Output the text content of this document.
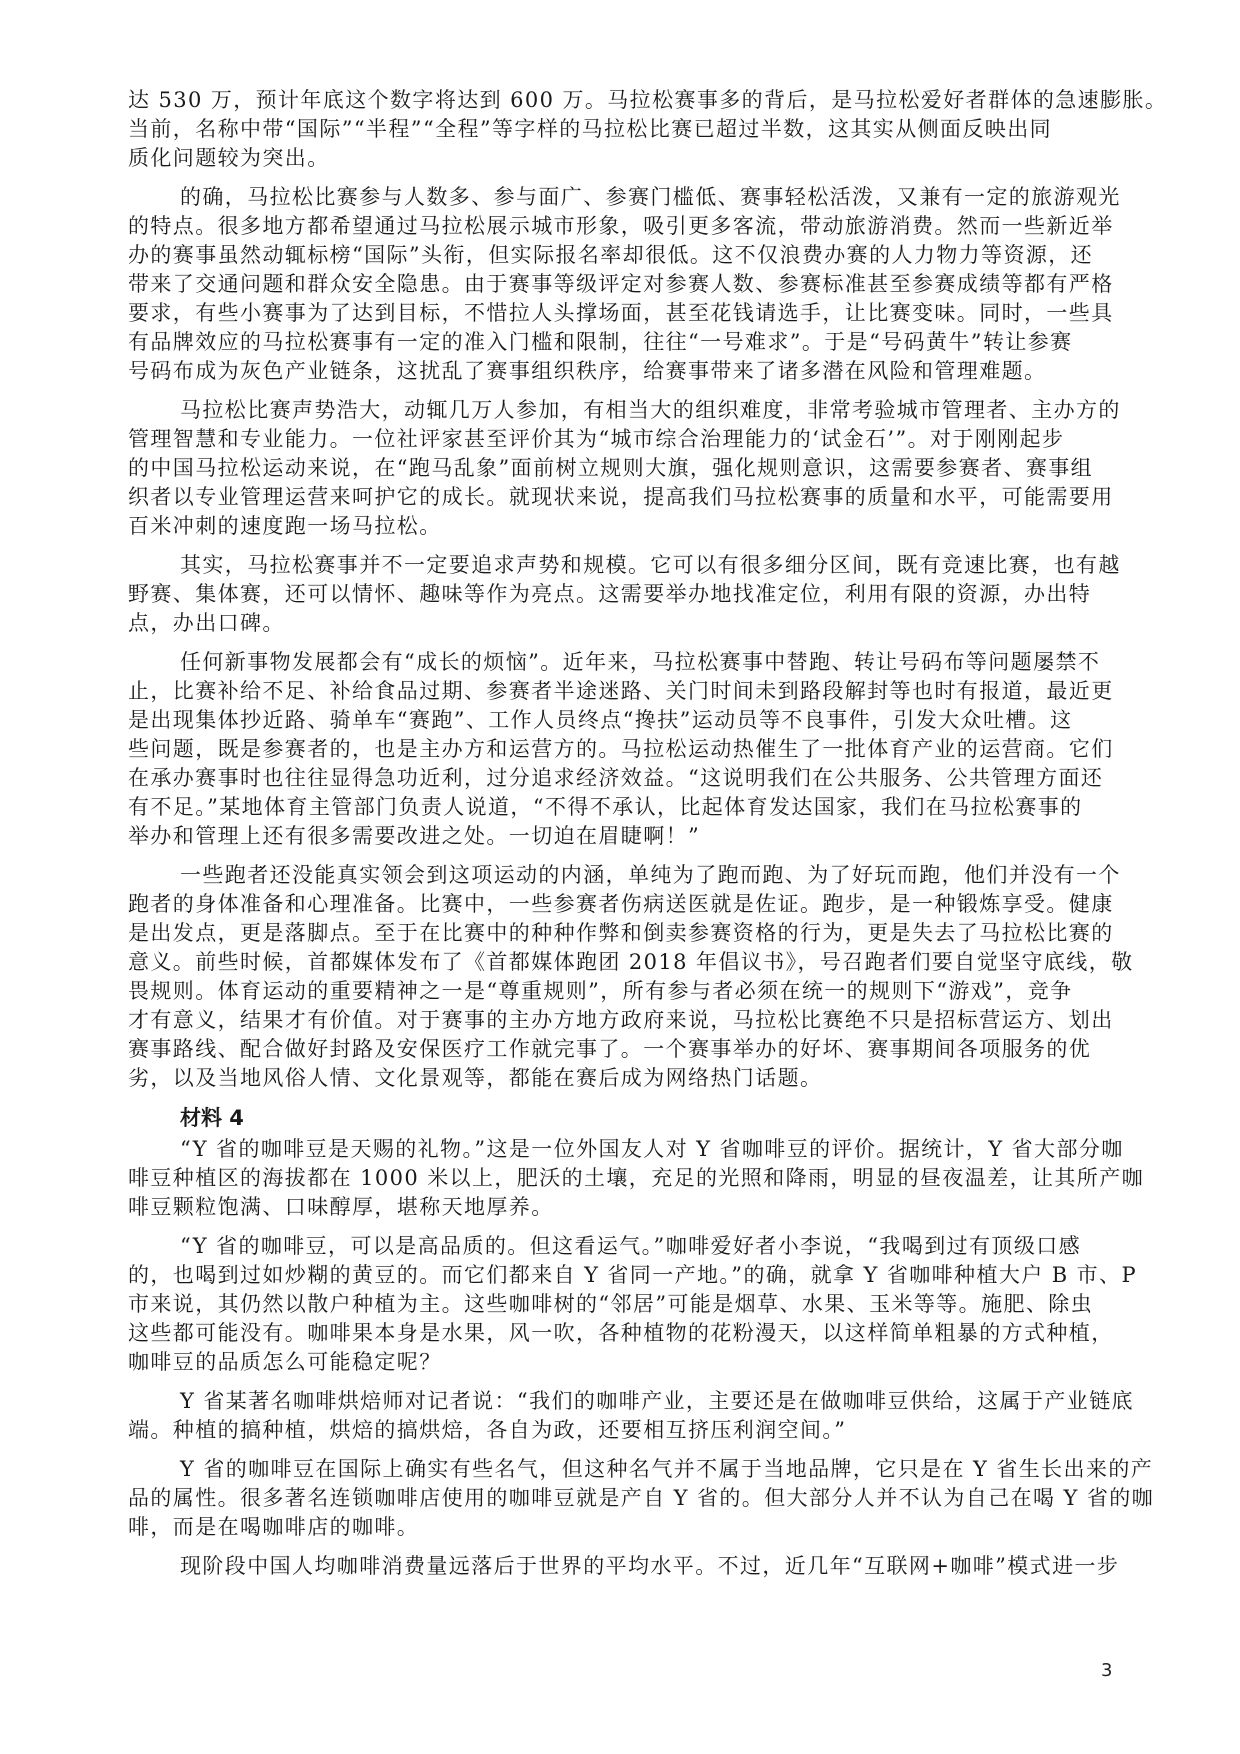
达 530 万，预计年底这个数字将达到 600 万。马拉松赛事多的背后，是马拉松爱好者群体的急速膨胀。
当前，名称中带“国际”“半程”“全程”等字样的马拉松比赛已超过半数，这其实从侧面反映出同
质化问题较为突出。
的确，马拉松比赛参与人数多、参与面广、参赛门槛低、赛事轻松活泼，又兼有一定的旅游观光
的特点。很多地方都希望通过马拉松展示城市形象，吸引更多客流，带动旅游消费。然而一些新近举
办的赛事虽然动辄标榜“国际”头衔，但实际报名率却很低。这不仅浪费办赛的人力物力等资源，还
带来了交通问题和群众安全隐患。由于赛事等级评定对参赛人数、参赛标准甚至参赛成绩等都有严格
要求，有些小赛事为了达到目标，不惜拉人头撑场面，甚至花钱请选手，让比赛变味。同时，一些具
有品牌效应的马拉松赛事有一定的准入门槛和限制，往往“一号难求”。于是“号码黄牛”转让参赛
号码布成为灰色产业链条，这扰乱了赛事组织秩序，给赛事带来了诸多潜在风险和管理难题。
马拉松比赛声势浩大，动辄几万人参加，有相当大的组织难度，非常考验城市管理者、主办方的
管理智慧和专业能力。一位社评家甚至评价其为“城市综合治理能力的‘试金石’”。对于刚刚起步
的中国马拉松运动来说，在“跑马乱象”面前树立规则大旗，强化规则意识，这需要参赛者、赛事组
织者以专业管理运营来呵护它的成长。就现状来说，提高我们马拉松赛事的质量和水平，可能需要用
百米冲刺的速度跑一场马拉松。
其实，马拉松赛事并不一定要追求声势和规模。它可以有很多细分区间，既有竞速比赛，也有越
野赛、集体赛，还可以情怀、趣味等作为亮点。这需要举办地找准定位，利用有限的资源，办出特
点，办出口碑。
任何新事物发展都会有“成长的烦恼”。近年来，马拉松赛事中替跑、转让号码布等问题屡禁不
止，比赛补给不足、补给食品过期、参赛者半途迷路、关门时间未到路段解封等也时有报道，最近更
是出现集体抄近路、骑单车“赛跑”、工作人员终点“搀扶”运动员等不良事件，引发大众吐槽。这
些问题，既是参赛者的，也是主办方和运营方的。马拉松运动热催生了一批体育产业的运营商。它们
在承办赛事时也往往显得急功近利，过分追求经济效益。“这说明我们在公共服务、公共管理方面还
有不足。”某地体育主管部门负责人说道，“不得不承认，比起体育发达国家，我们在马拉松赛事的
举办和管理上还有很多需要改进之处。一切迫在眉睫啊！”
一些跑者还没能真实领会到这项运动的内涵，单纯为了跑而跑、为了好玩而跑，他们并没有一个
跑者的身体准备和心理准备。比赛中，一些参赛者伤病送医就是佐证。跑步，是一种锻炼享受。健康
是出发点，更是落脚点。至于在比赛中的种种作弊和倒卖参赛资格的行为，更是失去了马拉松比赛的
意义。前些时候，首都媒体发布了《首都媒体跑团 2018 年倡议书》，号召跑者们要自觉坚守底线，敬
畏规则。体育运动的重要精神之一是“尊重规则”，所有参与者必须在统一的规则下“游戏”，竞争
才有意义，结果才有价值。对于赛事的主办方地方政府来说，马拉松比赛绝不只是招标营运方、划出
赛事路线、配合做好封路及安保医疗工作就完事了。一个赛事举办的好坏、赛事期间各项服务的优
劣，以及当地风俗人情、文化景观等，都能在赛后成为网络热门话题。
材料 4
“Y 省的咖啡豆是天赐的礼物。”这是一位外国友人对 Y 省咖啡豆的评价。据统计，Y 省大部分咖
啡豆种植区的海拔都在 1000 米以上，肥沃的土壤，充足的光照和降雨，明显的昼夜温差，让其所产咖
啡豆颗粒饱满、口味醇厚，堪称天地厚养。
“Y 省的咖啡豆，可以是高品质的。但这看运气。”咖啡爱好者小李说，“我喝到过有顶级口感
的，也喝到过如炒糊的黄豆的。而它们都来自 Y 省同一产地。”的确，就拿 Y 省咖啡种植大户 B 市、P
市来说，其仍然以散户种植为主。这些咖啡树的“邻居”可能是烟草、水果、玉米等等。施肥、除虫
这些都可能没有。咖啡果本身是水果，风一吹，各种植物的花粉漫天，以这样简单粗暴的方式种植，
咖啡豆的品质怎么可能稳定呢？
Y 省某著名咖啡烘焙师对记者说：“我们的咖啡产业，主要还是在做咖啡豆供给，这属于产业链底
端。种植的搞种植，烘焙的搞烘焙，各自为政，还要相互挤压利润空间。”
Y 省的咖啡豆在国际上确实有些名气，但这种名气并不属于当地品牌，它只是在 Y 省生长出来的产
品的属性。很多著名连锁咖啡店使用的咖啡豆就是产自 Y 省的。但大部分人并不认为自己在喝 Y 省的咖
啡，而是在喝咖啡店的咖啡。
现阶段中国人均咖啡消费量远落后于世界的平均水平。不过，近几年“互联网+咖啡”模式进一步
3
